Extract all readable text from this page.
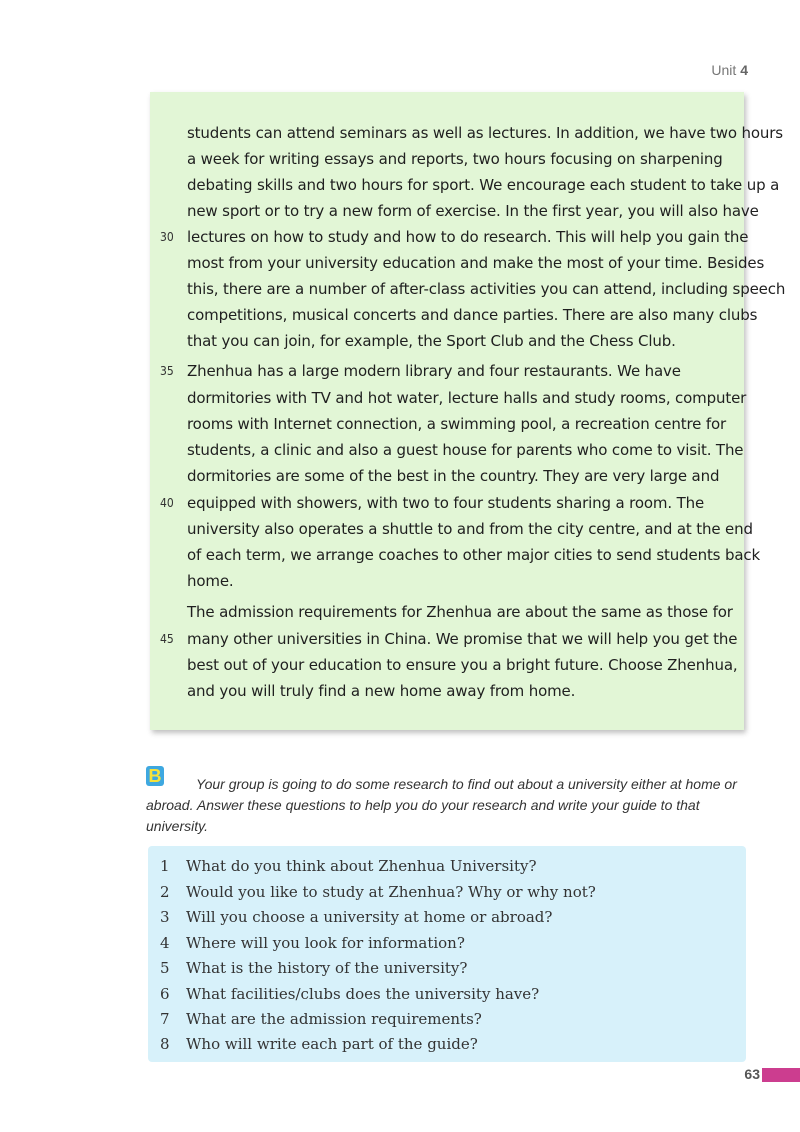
Unit 4
students can attend seminars as well as lectures. In addition, we have two hours
a week for writing essays and reports, two hours focusing on sharpening
debating skills and two hours for sport. We encourage each student to take up a
new sport or to try a new form of exercise. In the first year, you will also have
lectures on how to study and how to do research. This will help you gain the
most from your university education and make the most of your time. Besides
this, there are a number of after-class activities you can attend, including speech
competitions, musical concerts and dance parties. There are also many clubs
that you can join, for example, the Sport Club and the Chess Club.
Zhenhua has a large modern library and four restaurants. We have
dormitories with TV and hot water, lecture halls and study rooms, computer
rooms with Internet connection, a swimming pool, a recreation centre for
students, a clinic and also a guest house for parents who come to visit. The
dormitories are some of the best in the country. They are very large and
equipped with showers, with two to four students sharing a room. The
university also operates a shuttle to and from the city centre, and at the end
of each term, we arrange coaches to other major cities to send students back
home.
The admission requirements for Zhenhua are about the same as those for
many other universities in China. We promise that we will help you get the
best out of your education to ensure you a bright future. Choose Zhenhua,
and you will truly find a new home away from home.
30
35
40
45
B	Your group is going to do some research to find out about a university either at home or abroad. Answer these questions to help you do your research and write your guide to that university.
1 What do you think about Zhenhua University?
2 Would you like to study at Zhenhua? Why or why not?
3 Will you choose a university at home or abroad?
4 Where will you look for information?
5 What is the history of the university?
6 What facilities/clubs does the university have?
7 What are the admission requirements?
8 Who will write each part of the guide?
63
